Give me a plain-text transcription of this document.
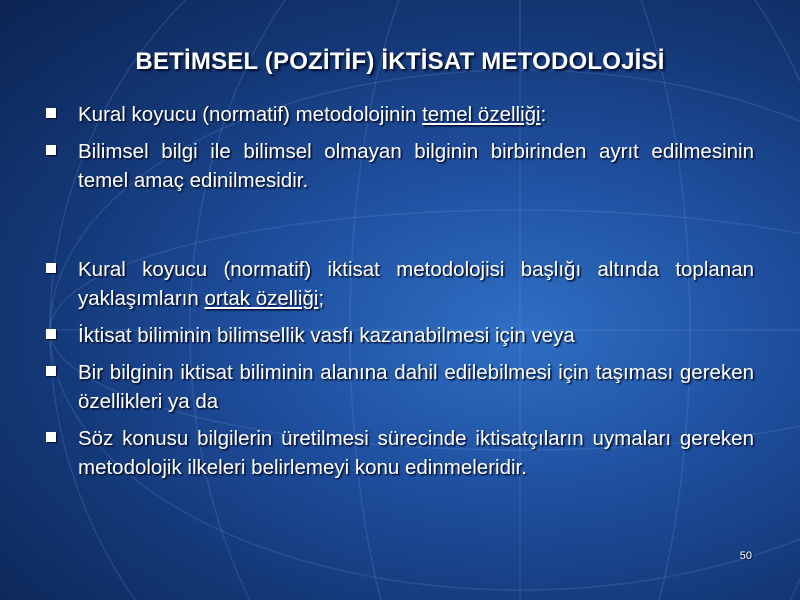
BETİMSEL (POZİTİF) İKTİSAT METODOLOJİSİ
Kural koyucu (normatif) metodolojinin temel özelliği:
Bilimsel bilgi ile bilimsel olmayan bilginin birbirinden ayrıt edilmesinin temel amaç edinilmesidir.
Kural koyucu (normatif) iktisat metodolojisi başlığı altında toplanan yaklaşımların ortak özelliği;
İktisat biliminin bilimsellik vasfı kazanabilmesi için veya
Bir bilginin iktisat biliminin alanına dahil edilebilmesi için taşıması gereken özellikleri ya da
Söz konusu bilgilerin üretilmesi sürecinde iktisatçıların uymaları gereken metodolojik ilkeleri belirlemeyi konu edinmeleridir.
50
